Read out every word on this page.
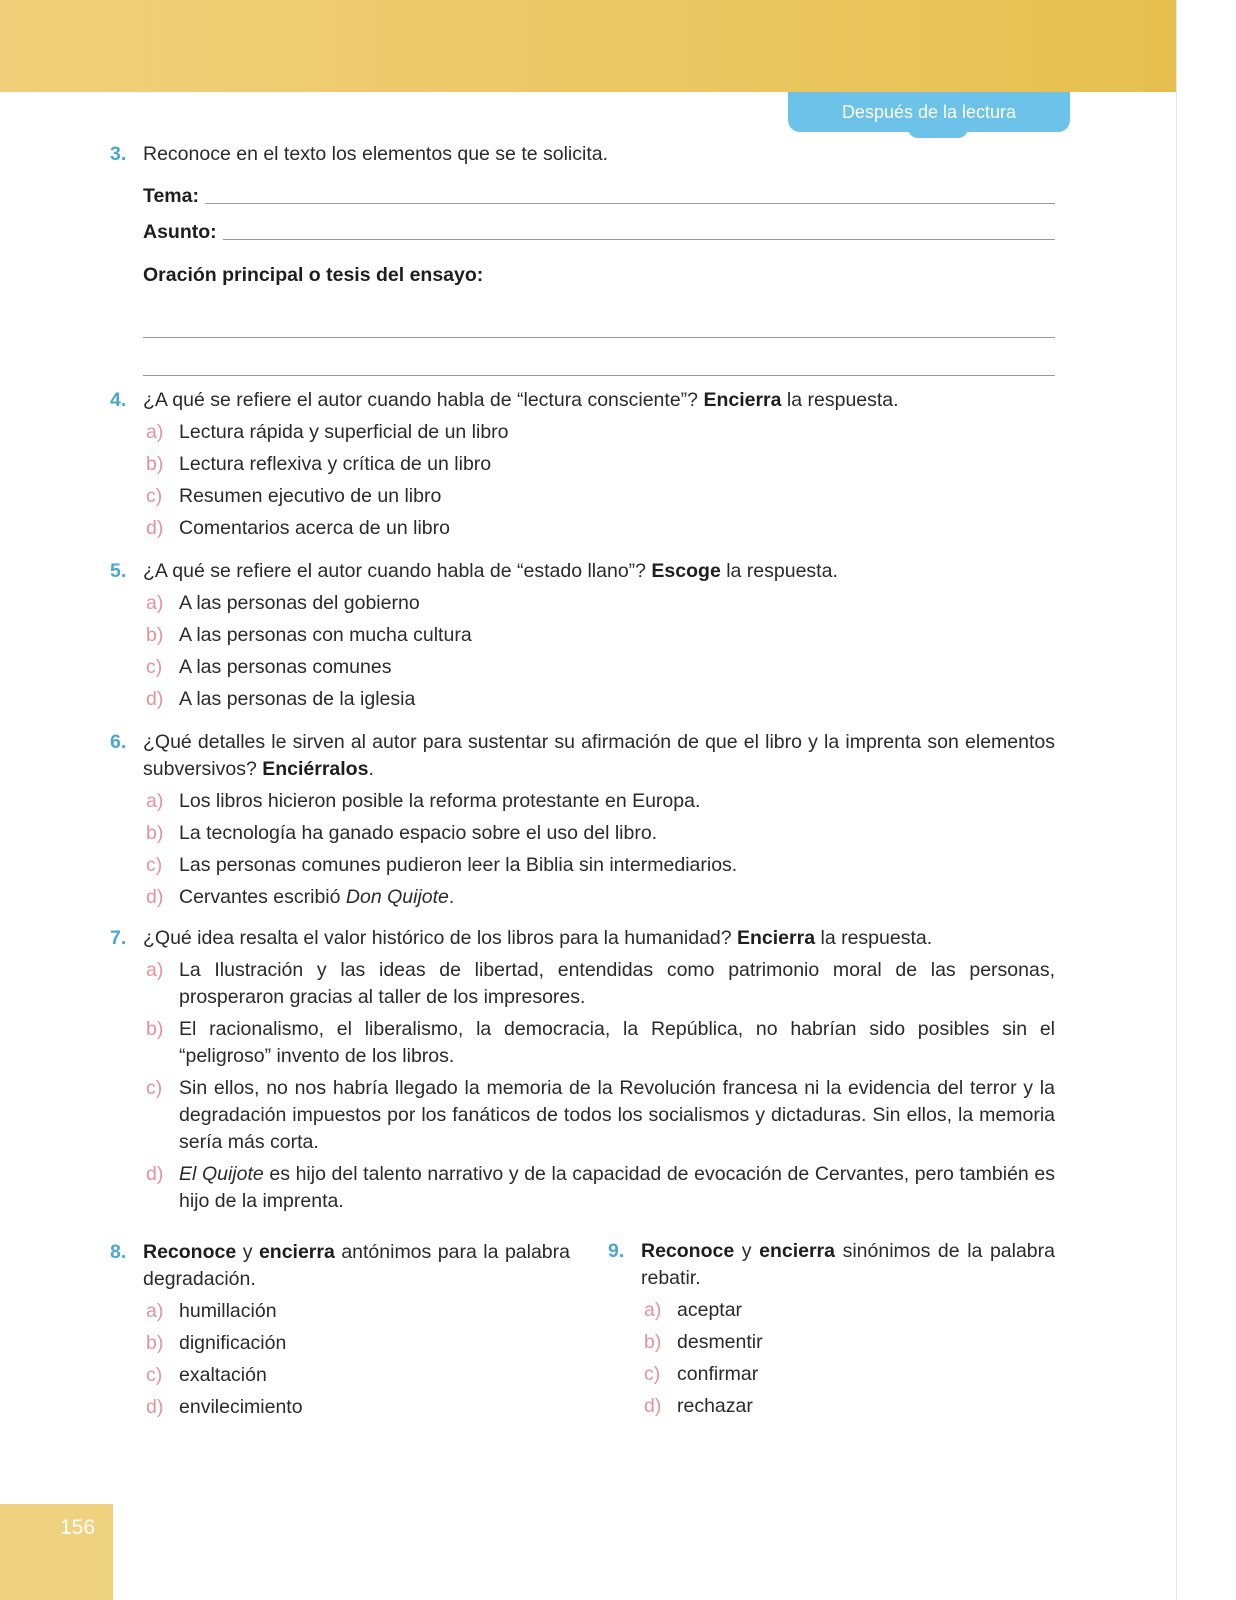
Después de la lectura
3. Reconoce en el texto los elementos que se te solicita.
Tema:
Asunto:
Oración principal o tesis del ensayo:
4. ¿A qué se refiere el autor cuando habla de “lectura consciente”? Encierra la respuesta.
a) Lectura rápida y superficial de un libro
b) Lectura reflexiva y crítica de un libro
c) Resumen ejecutivo de un libro
d) Comentarios acerca de un libro
5. ¿A qué se refiere el autor cuando habla de “estado llano”? Escoge la respuesta.
a) A las personas del gobierno
b) A las personas con mucha cultura
c) A las personas comunes
d) A las personas de la iglesia
6. ¿Qué detalles le sirven al autor para sustentar su afirmación de que el libro y la imprenta son elementos subversivos? Enciérralos.
a) Los libros hicieron posible la reforma protestante en Europa.
b) La tecnología ha ganado espacio sobre el uso del libro.
c) Las personas comunes pudieron leer la Biblia sin intermediarios.
d) Cervantes escribió Don Quijote.
7. ¿Qué idea resalta el valor histórico de los libros para la humanidad? Encierra la respuesta.
a) La Ilustración y las ideas de libertad, entendidas como patrimonio moral de las personas, prosperaron gracias al taller de los impresores.
b) El racionalismo, el liberalismo, la democracia, la República, no habrían sido posibles sin el “peligroso” invento de los libros.
c) Sin ellos, no nos habría llegado la memoria de la Revolución francesa ni la evidencia del terror y la degradación impuestos por los fanáticos de todos los socialismos y dictaduras. Sin ellos, la memoria sería más corta.
d) El Quijote es hijo del talento narrativo y de la capacidad de evocación de Cervantes, pero también es hijo de la imprenta.
8. Reconoce y encierra antónimos para la palabra degradación.
a) humillación
b) dignificación
c) exaltación
d) envilecimiento
9. Reconoce y encierra sinónimos de la palabra rebatir.
a) aceptar
b) desmentir
c) confirmar
d) rechazar
156
